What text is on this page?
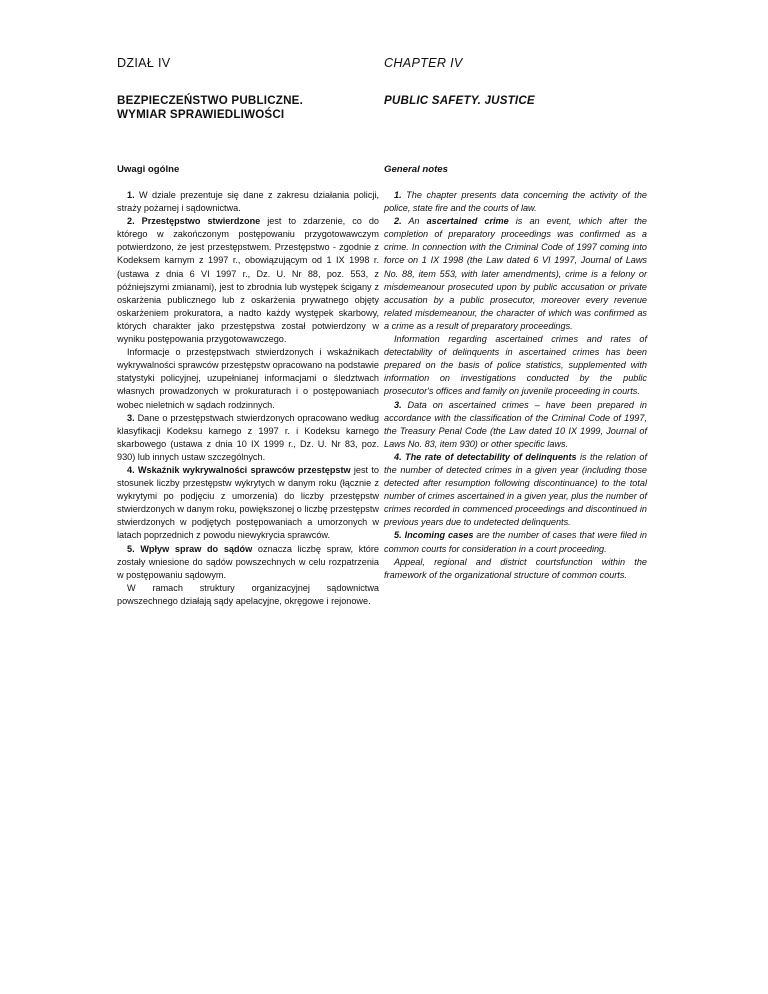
DZIAŁ IV

BEZPIECZEŃSTWO PUBLICZNE.
WYMIAR SPRAWIEDLIWOŚCI

Uwagi ogólne

1. W dziale prezentuje się dane z zakresu działania policji, straży pożarnej i sądownictwa.

2. Przestępstwo stwierdzone jest to zdarzenie, co do którego w zakończonym postępowaniu przygotowawczym potwierdzono, że jest przestępstwem. Przestępstwo - zgodnie z Kodeksem karnym z 1997 r., obowiązującym od 1 IX 1998 r. (ustawa z dnia 6 VI 1997 r., Dz. U. Nr 88, poz. 553, z późniejszymi zmianami), jest to zbrodnia lub występek ścigany z oskarżenia publicznego lub z oskarżenia prywatnego objęty oskarżeniem prokuratora, a nadto każdy występek skarbowy, których charakter jako przestępstwa został potwierdzony w wyniku postępowania przygotowawczego.

Informacje o przestępstwach stwierdzonych i wskaźnikach wykrywalności sprawców przestępstw opracowano na podstawie statystyki policyjnej, uzupełnianej informacjami o śledztwach własnych prowadzonych w prokuraturach i o postępowaniach wobec nieletnich w sądach rodzinnych.

3. Dane o przestępstwach stwierdzonych opracowano według klasyfikacji Kodeksu karnego z 1997 r. i Kodeksu karnego skarbowego (ustawa z dnia 10 IX 1999 r., Dz. U. Nr 83, poz. 930) lub innych ustaw szczególnych.

4. Wskaźnik wykrywalności sprawców przestępstw jest to stosunek liczby przestępstw wykrytych w danym roku (łącznie z wykrytymi po podjęciu z umorzenia) do liczby przestępstw stwierdzonych w danym roku, powiększonej o liczbę przestępstw stwierdzonych w podjętych postępowaniach a umorzonych w latach poprzednich z powodu niewykrycia sprawców.

5. Wpływ spraw do sądów oznacza liczbę spraw, które zostały wniesione do sądów powszechnych w celu rozpatrzenia w postępowaniu sądowym.

W ramach struktury organizacyjnej sądownictwa powszechnego działają sądy apelacyjne, okręgowe i rejonowe.

CHAPTER IV

PUBLIC SAFETY. JUSTICE

General notes

1. The chapter presents data concerning the activity of the police, state fire and the courts of law.

2. An ascertained crime is an event, which after the completion of preparatory proceedings was confirmed as a crime. In connection with the Criminal Code of 1997 coming into force on 1 IX 1998 (the Law dated 6 VI 1997, Journal of Laws No. 88, item 553, with later amendments), crime is a felony or misdemeanour prosecuted upon by public accusation or private accusation by a public prosecutor, moreover every revenue related misdemeanour, the character of which was confirmed as a crime as a result of preparatory proceedings.

Information regarding ascertained crimes and rates of detectability of delinquents in ascertained crimes has been prepared on the basis of police statistics, supplemented with information on investigations conducted by the public prosecutor's offices and family on juvenile proceeding in courts.

3. Data on ascertained crimes – have been prepared in accordance with the classification of the Criminal Code of 1997, the Treasury Penal Code (the Law dated 10 IX 1999, Journal of Laws No. 83, item 930) or other specific laws.

4. The rate of detectability of delinquents is the relation of the number of detected crimes in a given year (including those detected after resumption following discontinuance) to the total number of crimes ascertained in a given year, plus the number of crimes recorded in commenced proceedings and discontinued in previous years due to undetected delinquents.

5. Incoming cases are the number of cases that were filed in common courts for consideration in a court proceeding.

Appeal, regional and district courtsfunction within the framework of the organizational structure of common courts.
